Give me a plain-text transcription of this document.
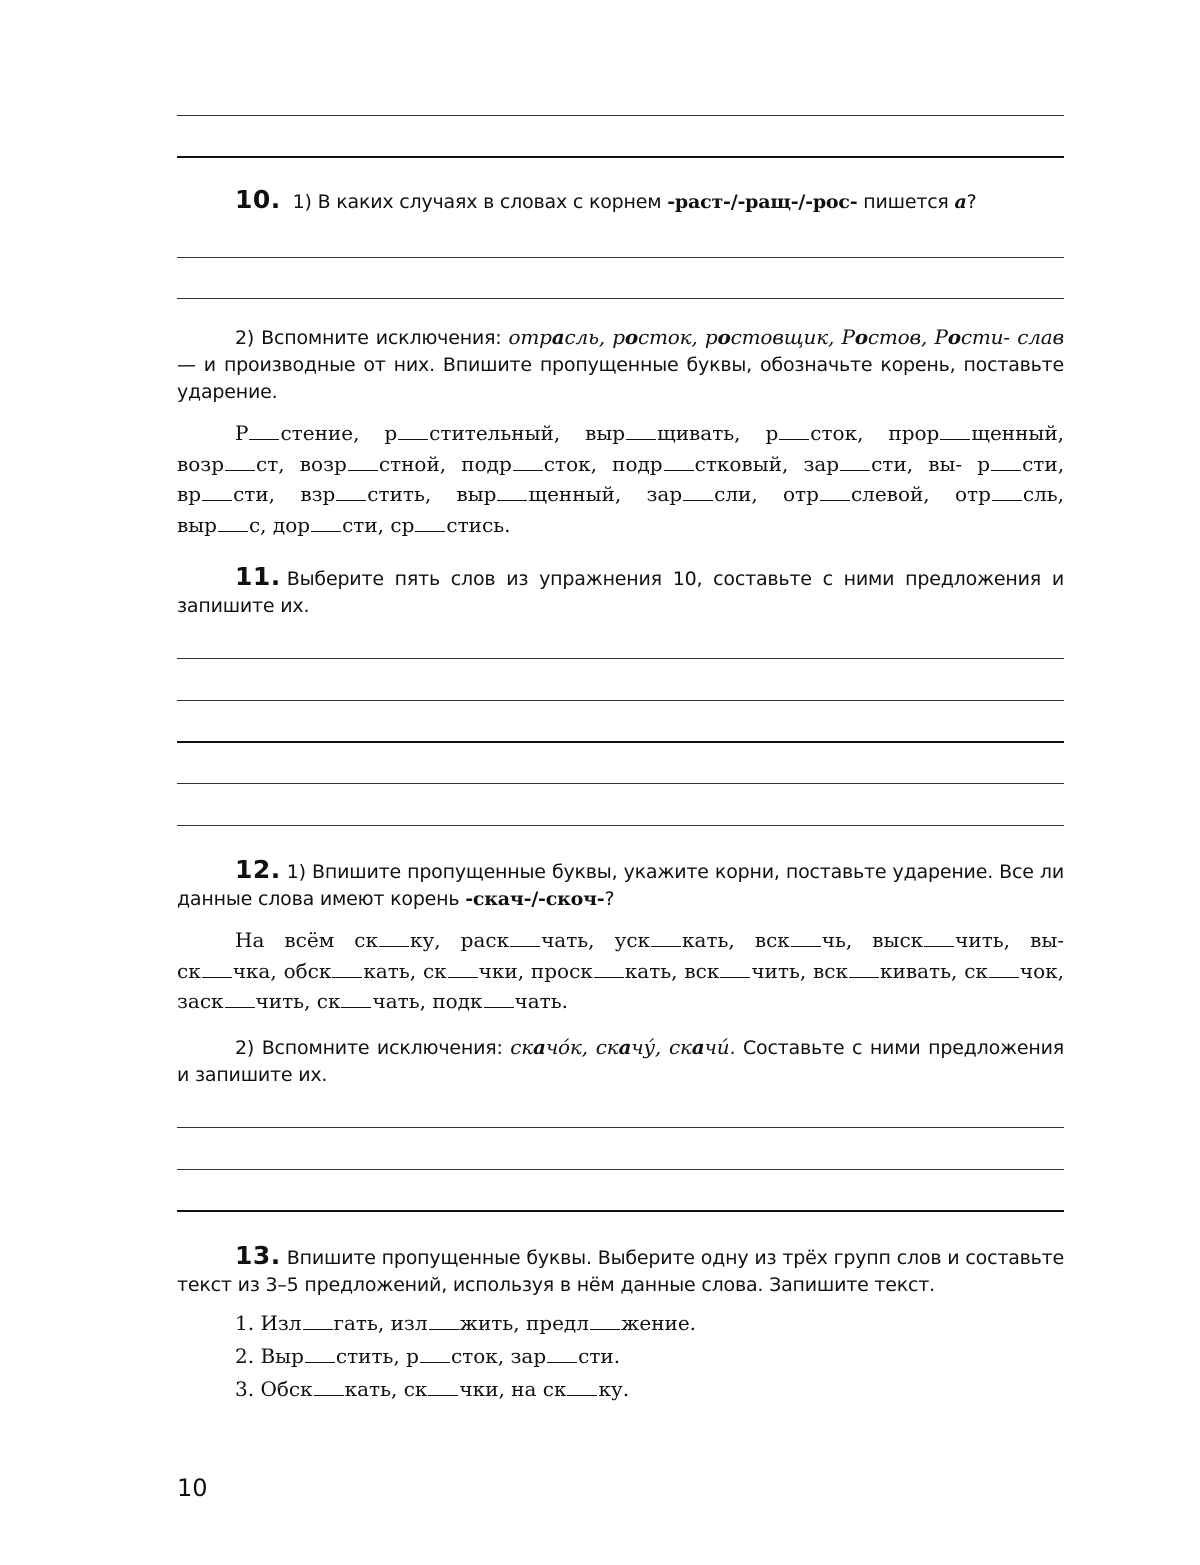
10. 1) В каких случаях в словах с корнем -раст-/-ращ-/-рос- пишется а?
2) Вспомните исключения: отрасль, росток, ростовщик, Ростов, Рости- слав — и производные от них. Впишите пропущенные буквы, обозначьте корень, поставьте ударение.
Р стение, р стительный, выр щивать, р сток, прор щенный, возр ст, возр стной, подр сток, подр стковый, зар сти, вы- р сти, вр сти, взр стить, выр щенный, зар сли, отр слевой, отр сль, выр с, дор сти, ср стись.
11. Выберите пять слов из упражнения 10, составьте с ними предложения и запишите их.
12. 1) Впишите пропущенные буквы, укажите корни, поставьте ударение. Все ли данные слова имеют корень -скач-/-скоч-?
На всём ск ку, раск чать, уск кать, вск чь, выск чить, вы- ск чка, обск кать, ск чки, проск кать, вск чить, вск кивать, ск чок, заск чить, ск чать, подк чать.
2) Вспомните исключения: скачо́к, скачу́, скачи́. Составьте с ними предложения и запишите их.
13. Впишите пропущенные буквы. Выберите одну из трёх групп слов и составьте текст из 3–5 предложений, используя в нём данные слова. Запишите текст.
1. Изл гать, изл жить, предл жение.
2. Выр стить, р сток, зар сти.
3. Обск кать, ск чки, на ск ку.
10
